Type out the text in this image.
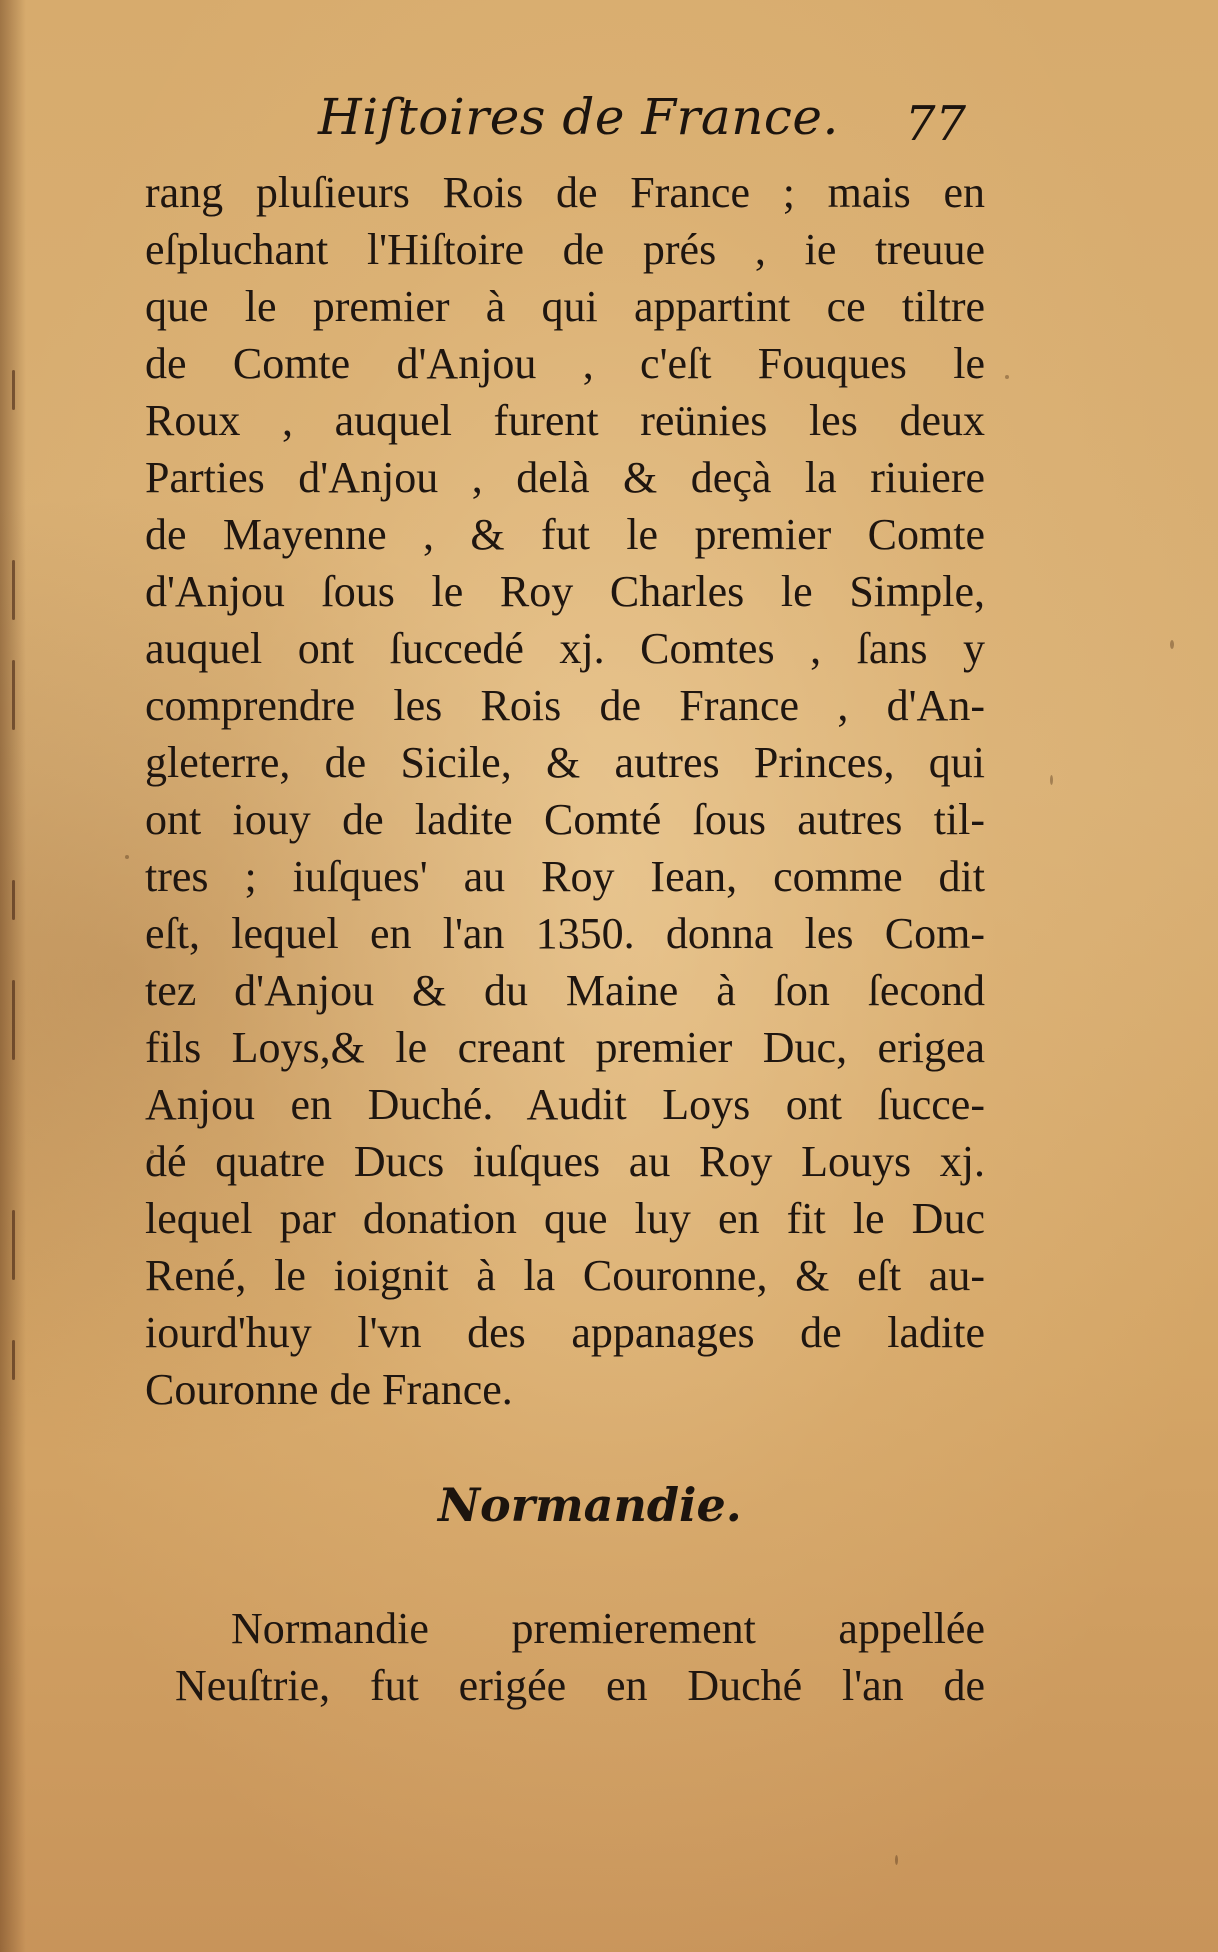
Hiſtoires de France. 77
rang pluſieurs Rois de France ; mais en
eſpluchant l'Hiſtoire de prés , ie treuue
que le premier à qui appartint ce tiltre
de Comte d'Anjou , c'eſt Fouques le
Roux , auquel furent reünies les deux
Parties d'Anjou , delà & deçà la riuiere
de Mayenne , & fut le premier Comte
d'Anjou ſous le Roy Charles le Simple,
auquel ont ſuccedé xj. Comtes , ſans y
comprendre les Rois de France , d'An-
gleterre, de Sicile, & autres Princes, qui
ont iouy de ladite Comté ſous autres til-
tres ; iuſques' au Roy Iean, comme dit
eſt, lequel en l'an 1350. donna les Com-
tez d'Anjou & du Maine à ſon ſecond
fils Loys,& le creant premier Duc, erigea
Anjou en Duché. Audit Loys ont ſucce-
dé quatre Ducs iuſques au Roy Louys xj.
lequel par donation que luy en fit le Duc
René, le ioignit à la Couronne, & eſt au-
iourd'huy l'vn des appanages de ladite
Couronne de France.
Normandie.
Normandie premierement appellée
Neuſtrie, fut erigée en Duché l'an de
